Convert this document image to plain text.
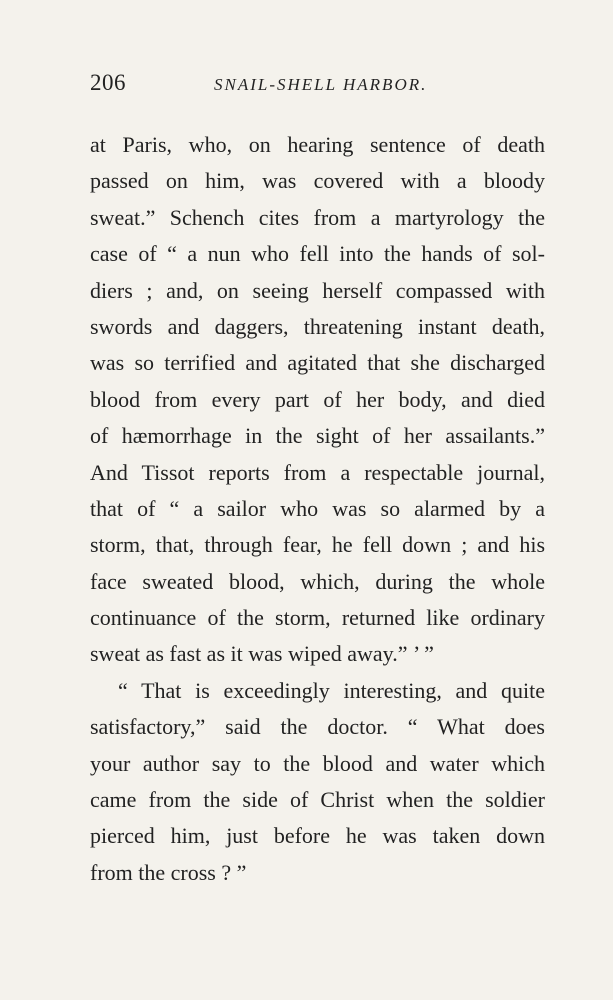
206	SNAIL-SHELL HARBOR.
at Paris, who, on hearing sentence of death
passed on him, was covered with a bloody
sweat.” Schench cites from a martyrology the
case of “ a nun who fell into the hands of sol-
diers ; and, on seeing herself compassed with
swords and daggers, threatening instant death,
was so terrified and agitated that she discharged
blood from every part of her body, and died
of hæmorrhage in the sight of her assailants.”
And Tissot reports from a respectable journal,
that of “ a sailor who was so alarmed by a
storm, that, through fear, he fell down ; and his
face sweated blood, which, during the whole
continuance of the storm, returned like ordinary
sweat as fast as it was wiped away.” ’ ”
“ That is exceedingly interesting, and quite
satisfactory,” said the doctor. “ What does
your author say to the blood and water which
came from the side of Christ when the soldier
pierced him, just before he was taken down
from the cross ? ”
